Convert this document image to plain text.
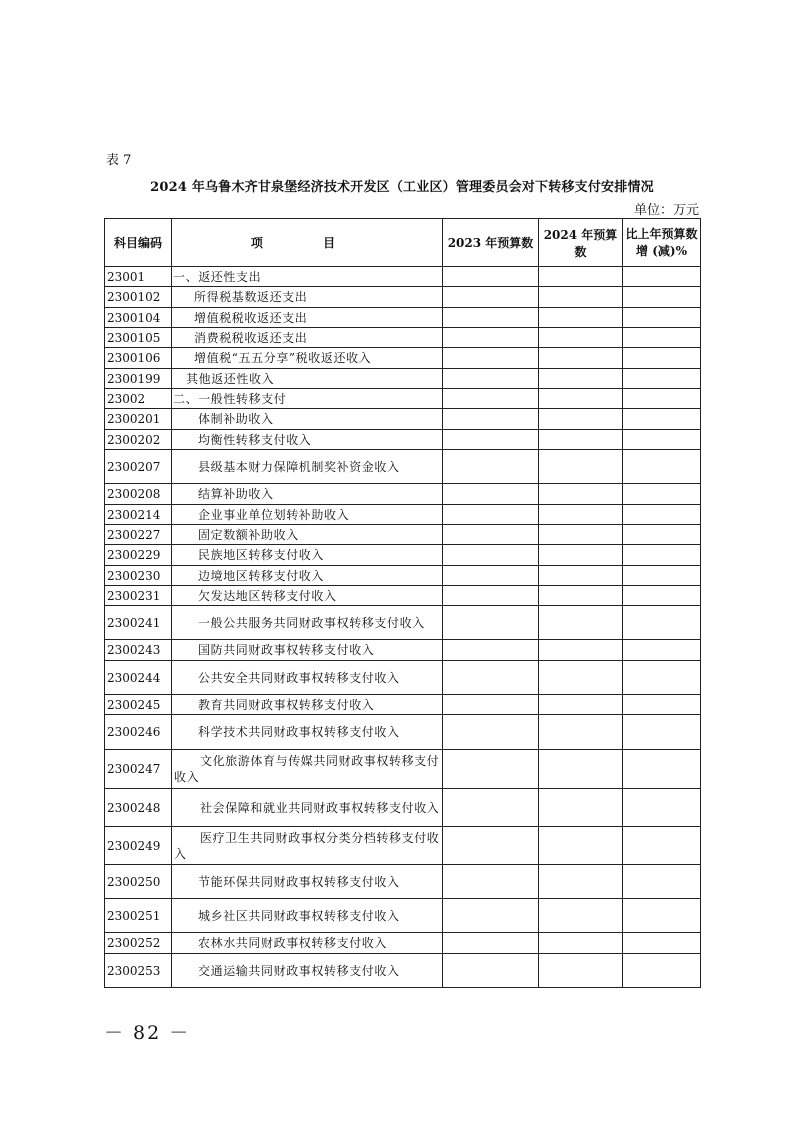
表 7
2024 年乌鲁木齐甘泉堡经济技术开发区（工业区）管理委员会对下转移支付安排情况
单位：万元
科目编码	项 目	2023 年预算数	2024 年预算数	比上年预算数增 (减)%
23001	一、返还性支出			
2300102	所得税基数返还支出			
2300104	增值税税收返还支出			
2300105	消费税税收返还支出			
2300106	增值税“五五分享”税收返还收入			
2300199	其他返还性收入			
23002	二、一般性转移支付			
2300201	体制补助收入			
2300202	均衡性转移支付收入			
2300207	县级基本财力保障机制奖补资金收入			
2300208	结算补助收入			
2300214	企业事业单位划转补助收入			
2300227	固定数额补助收入			
2300229	民族地区转移支付收入			
2300230	边境地区转移支付收入			
2300231	欠发达地区转移支付收入			
2300241	一般公共服务共同财政事权转移支付收入			
2300243	国防共同财政事权转移支付收入			
2300244	公共安全共同财政事权转移支付收入			
2300245	教育共同财政事权转移支付收入			
2300246	科学技术共同财政事权转移支付收入			
2300247	文化旅游体育与传媒共同财政事权转移支付收入			
2300248	社会保障和就业共同财政事权转移支付收入			
2300249	医疗卫生共同财政事权分类分档转移支付收入			
2300250	节能环保共同财政事权转移支付收入			
2300251	城乡社区共同财政事权转移支付收入			
2300252	农林水共同财政事权转移支付收入			
2300253	交通运输共同财政事权转移支付收入			
－ 82 －
